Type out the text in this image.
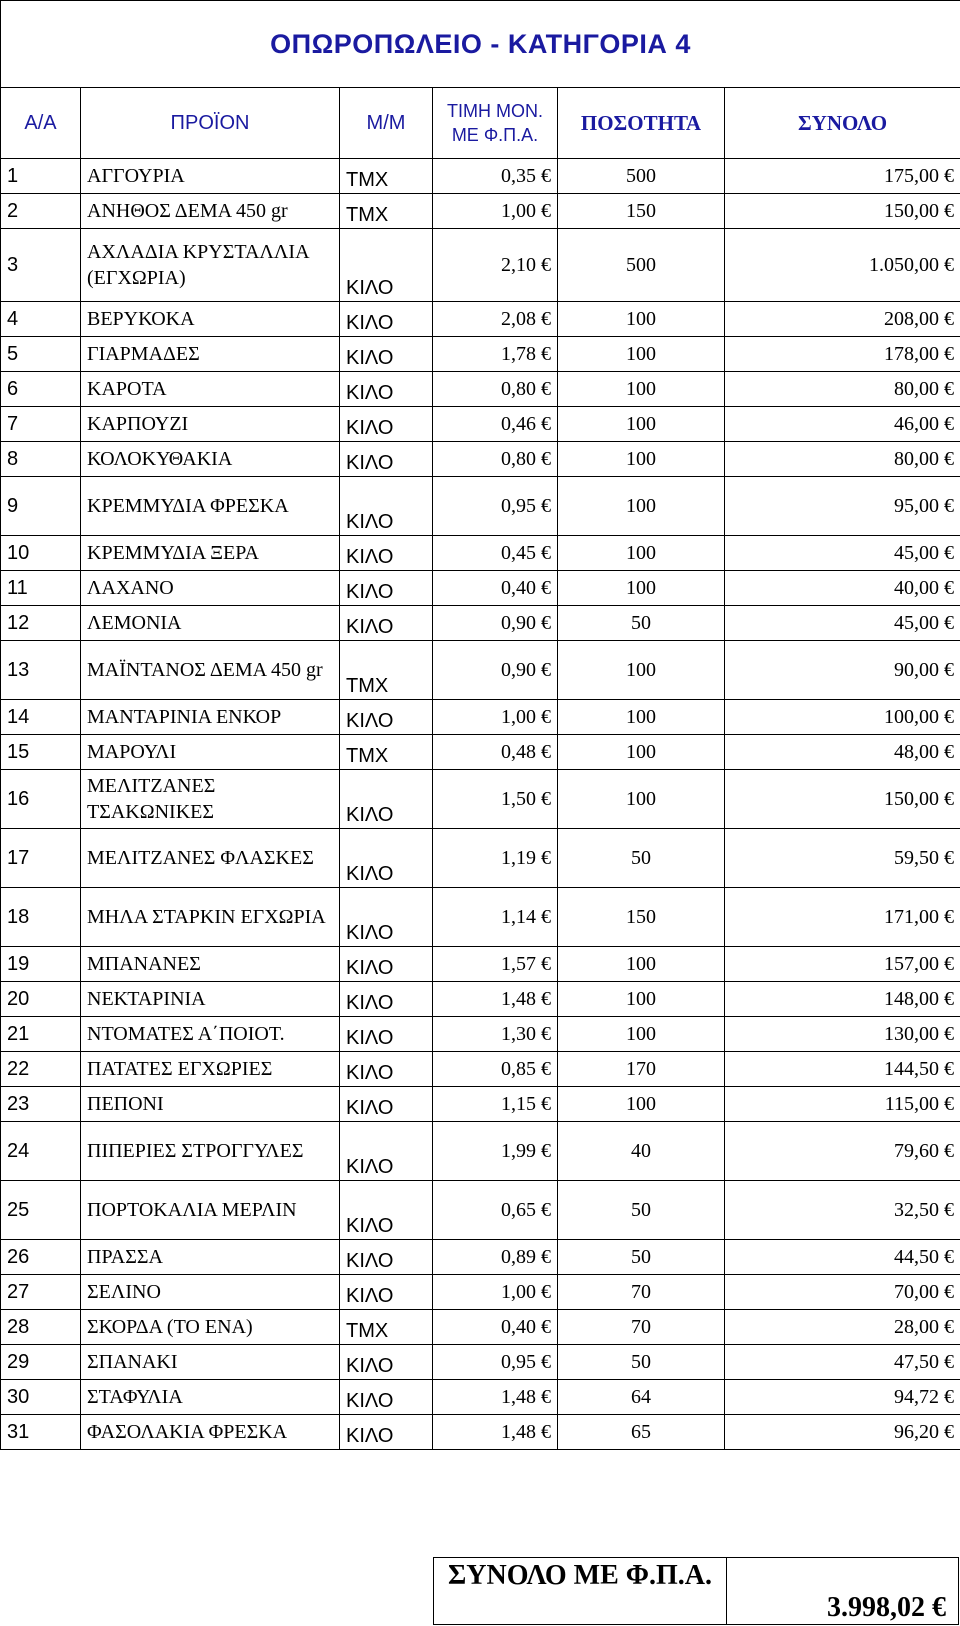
ΟΠΩΡΟΠΩΛΕΙΟ - ΚΑΤΗΓΟΡΙΑ 4					
Α/Α	ΠΡΟΪΟΝ	Μ/Μ	ΤΙΜΗ ΜΟΝ. ΜΕ Φ.Π.Α.	ΠΟΣΟΤΗΤΑ	ΣΥΝΟΛΟ
1	ΑΓΓΟΥΡΙΑ	ΤΜΧ	0,35 €	500	175,00 €
2	ΑΝΗΘΟΣ ΔΕΜΑ 450 gr	ΤΜΧ	1,00 €	150	150,00 €
3	ΑΧΛΑΔΙΑ ΚΡΥΣΤΑΛΛΙΑ (ΕΓΧΩΡΙΑ)	ΚΙΛΟ	2,10 €	500	1.050,00 €
4	ΒΕΡΥΚΟΚΑ	ΚΙΛΟ	2,08 €	100	208,00 €
5	ΓΙΑΡΜΑΔΕΣ	ΚΙΛΟ	1,78 €	100	178,00 €
6	ΚΑΡΟΤΑ	ΚΙΛΟ	0,80 €	100	80,00 €
7	ΚΑΡΠΟΥΖΙ	ΚΙΛΟ	0,46 €	100	46,00 €
8	ΚΟΛΟΚΥΘΑΚΙΑ	ΚΙΛΟ	0,80 €	100	80,00 €
9	ΚΡΕΜΜΥΔΙΑ ΦΡΕΣΚΑ	ΚΙΛΟ	0,95 €	100	95,00 €
10	ΚΡΕΜΜΥΔΙΑ ΞΕΡΑ	ΚΙΛΟ	0,45 €	100	45,00 €
11	ΛΑΧΑΝΟ	ΚΙΛΟ	0,40 €	100	40,00 €
12	ΛΕΜΟΝΙΑ	ΚΙΛΟ	0,90 €	50	45,00 €
13	ΜΑΪΝΤΑΝΟΣ ΔΕΜΑ 450 gr	ΤΜΧ	0,90 €	100	90,00 €
14	ΜΑΝΤΑΡΙΝΙΑ ΕΝΚΟΡ	ΚΙΛΟ	1,00 €	100	100,00 €
15	ΜΑΡΟΥΛΙ	ΤΜΧ	0,48 €	100	48,00 €
16	ΜΕΛΙΤΖΑΝΕΣ ΤΣΑΚΩΝΙΚΕΣ	ΚΙΛΟ	1,50 €	100	150,00 €
17	ΜΕΛΙΤΖΑΝΕΣ ΦΛΑΣΚΕΣ	ΚΙΛΟ	1,19 €	50	59,50 €
18	ΜΗΛΑ ΣΤΑΡΚΙΝ ΕΓΧΩΡΙΑ	ΚΙΛΟ	1,14 €	150	171,00 €
19	ΜΠΑΝΑΝΕΣ	ΚΙΛΟ	1,57 €	100	157,00 €
20	ΝΕΚΤΑΡΙΝΙΑ	ΚΙΛΟ	1,48 €	100	148,00 €
21	ΝΤΟΜΑΤΕΣ Α΄ΠΟΙΟΤ.	ΚΙΛΟ	1,30 €	100	130,00 €
22	ΠΑΤΑΤΕΣ ΕΓΧΩΡΙΕΣ	ΚΙΛΟ	0,85 €	170	144,50 €
23	ΠΕΠΟΝΙ	ΚΙΛΟ	1,15 €	100	115,00 €
24	ΠΙΠΕΡΙΕΣ ΣΤΡΟΓΓΥΛΕΣ	ΚΙΛΟ	1,99 €	40	79,60 €
25	ΠΟΡΤΟΚΑΛΙΑ ΜΕΡΛΙΝ	ΚΙΛΟ	0,65 €	50	32,50 €
26	ΠΡΑΣΣΑ	ΚΙΛΟ	0,89 €	50	44,50 €
27	ΣΕΛΙΝΟ	ΚΙΛΟ	1,00 €	70	70,00 €
28	ΣΚΟΡΔΑ (ΤΟ ΕΝΑ)	ΤΜΧ	0,40 €	70	28,00 €
29	ΣΠΑΝΑΚΙ	ΚΙΛΟ	0,95 €	50	47,50 €
30	ΣΤΑΦΥΛΙΑ	ΚΙΛΟ	1,48 €	64	94,72 €
31	ΦΑΣΟΛΑΚΙΑ ΦΡΕΣΚΑ	ΚΙΛΟ	1,48 €	65	96,20 €
ΣΥΝΟΛΟ ΜΕ Φ.Π.Α.
3.998,02 €
